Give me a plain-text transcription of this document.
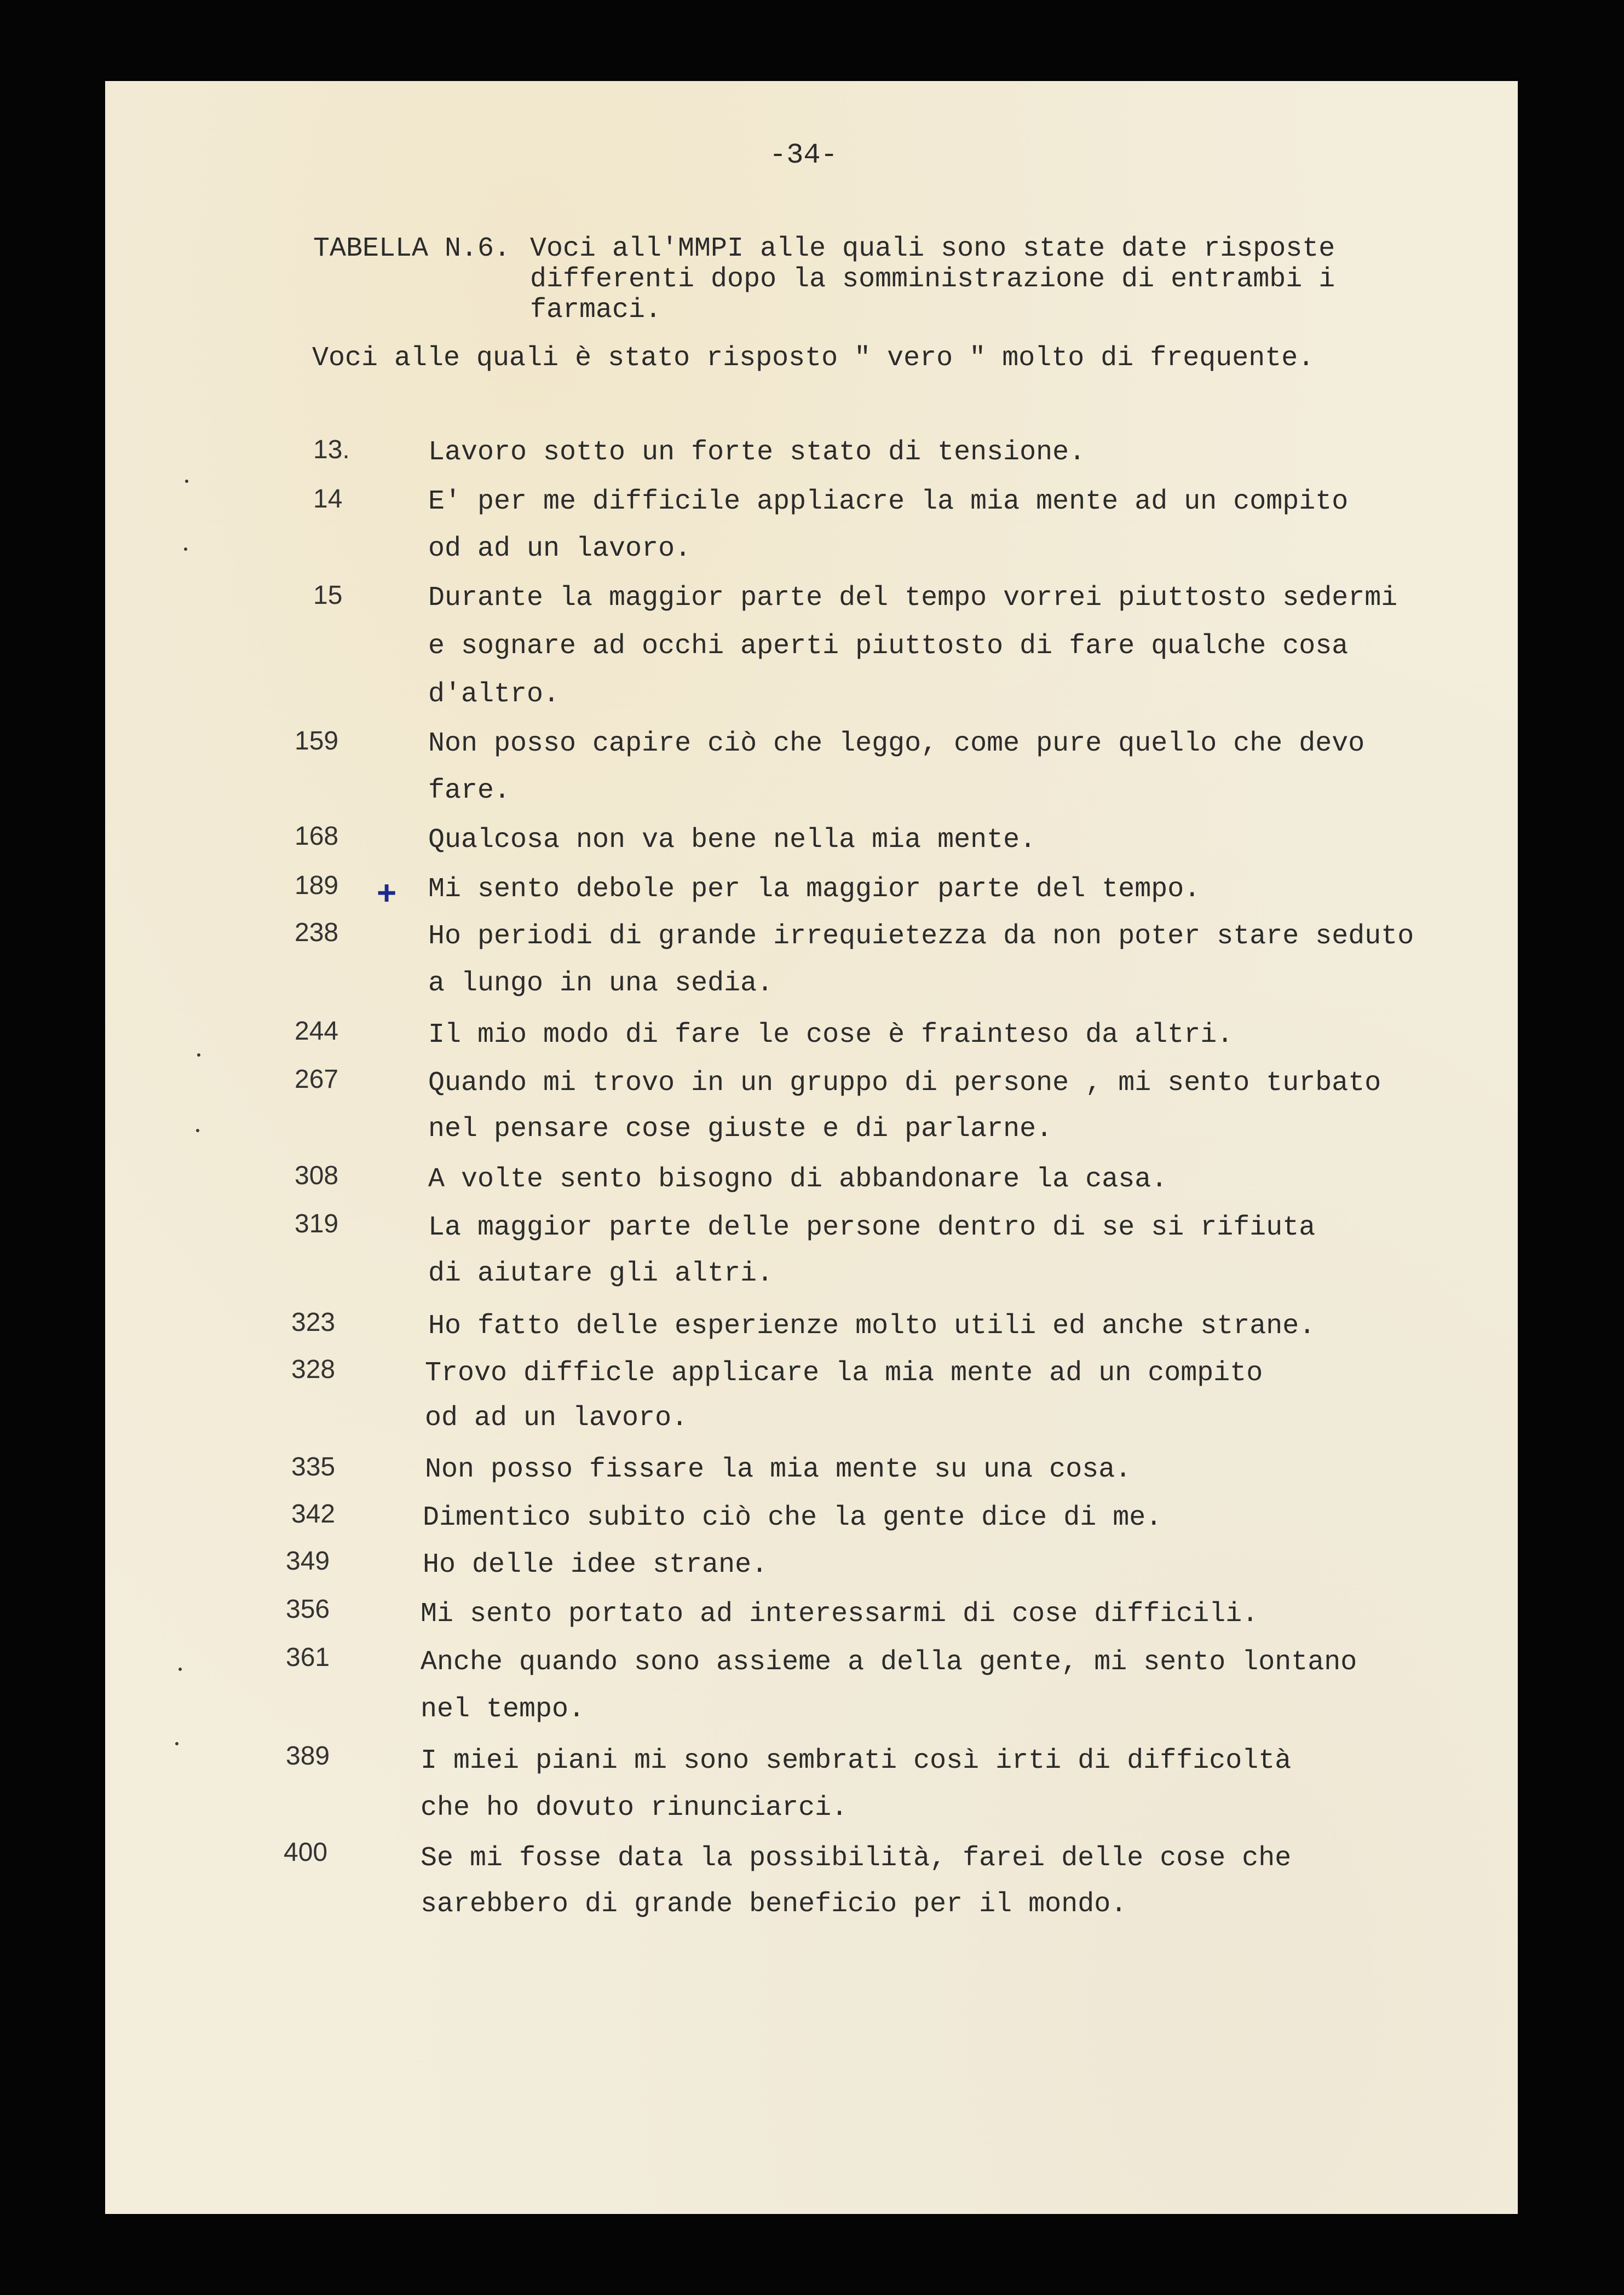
-34-
TABELLA N.6. Voci all'MMPI alle quali sono state date risposte
differenti dopo la somministrazione di entrambi i
farmaci.
Voci alle quali è stato risposto " vero " molto di frequente.
+
13.	Lavoro sotto un forte stato di tensione.
14	E' per me difficile appliacre la mia mente ad un compito
od ad un lavoro.
15	Durante la maggior parte del tempo vorrei piuttosto sedermi
e sognare ad occhi aperti piuttosto di fare qualche cosa
d'altro.
159	Non posso capire ciò che leggo, come pure quello che devo
fare.
168	Qualcosa non va bene nella mia mente.
189	Mi sento debole per la maggior parte del tempo.
238	Ho periodi di grande irrequietezza da non poter stare seduto
a lungo in una sedia.
244	Il mio modo di fare le cose è frainteso da altri.
267	Quando mi trovo in un gruppo di persone , mi sento turbato
nel pensare cose giuste e di parlarne.
308	A volte sento bisogno di abbandonare la casa.
319	La maggior parte delle persone dentro di se si rifiuta
di aiutare gli altri.
323	Ho fatto delle esperienze molto utili ed anche strane.
328	Trovo difficle applicare la mia mente ad un compito
od ad un lavoro.
335	Non posso fissare la mia mente su una cosa.
342	Dimentico subito ciò che la gente dice di me.
349	Ho delle idee strane.
356	Mi sento portato ad interessarmi di cose difficili.
361	Anche quando sono assieme a della gente, mi sento lontano
nel tempo.
389	I miei piani mi sono sembrati così irti di difficoltà
che ho dovuto rinunciarci.
400	Se mi fosse data la possibilità, farei delle cose che
sarebbero di grande beneficio per il mondo.
